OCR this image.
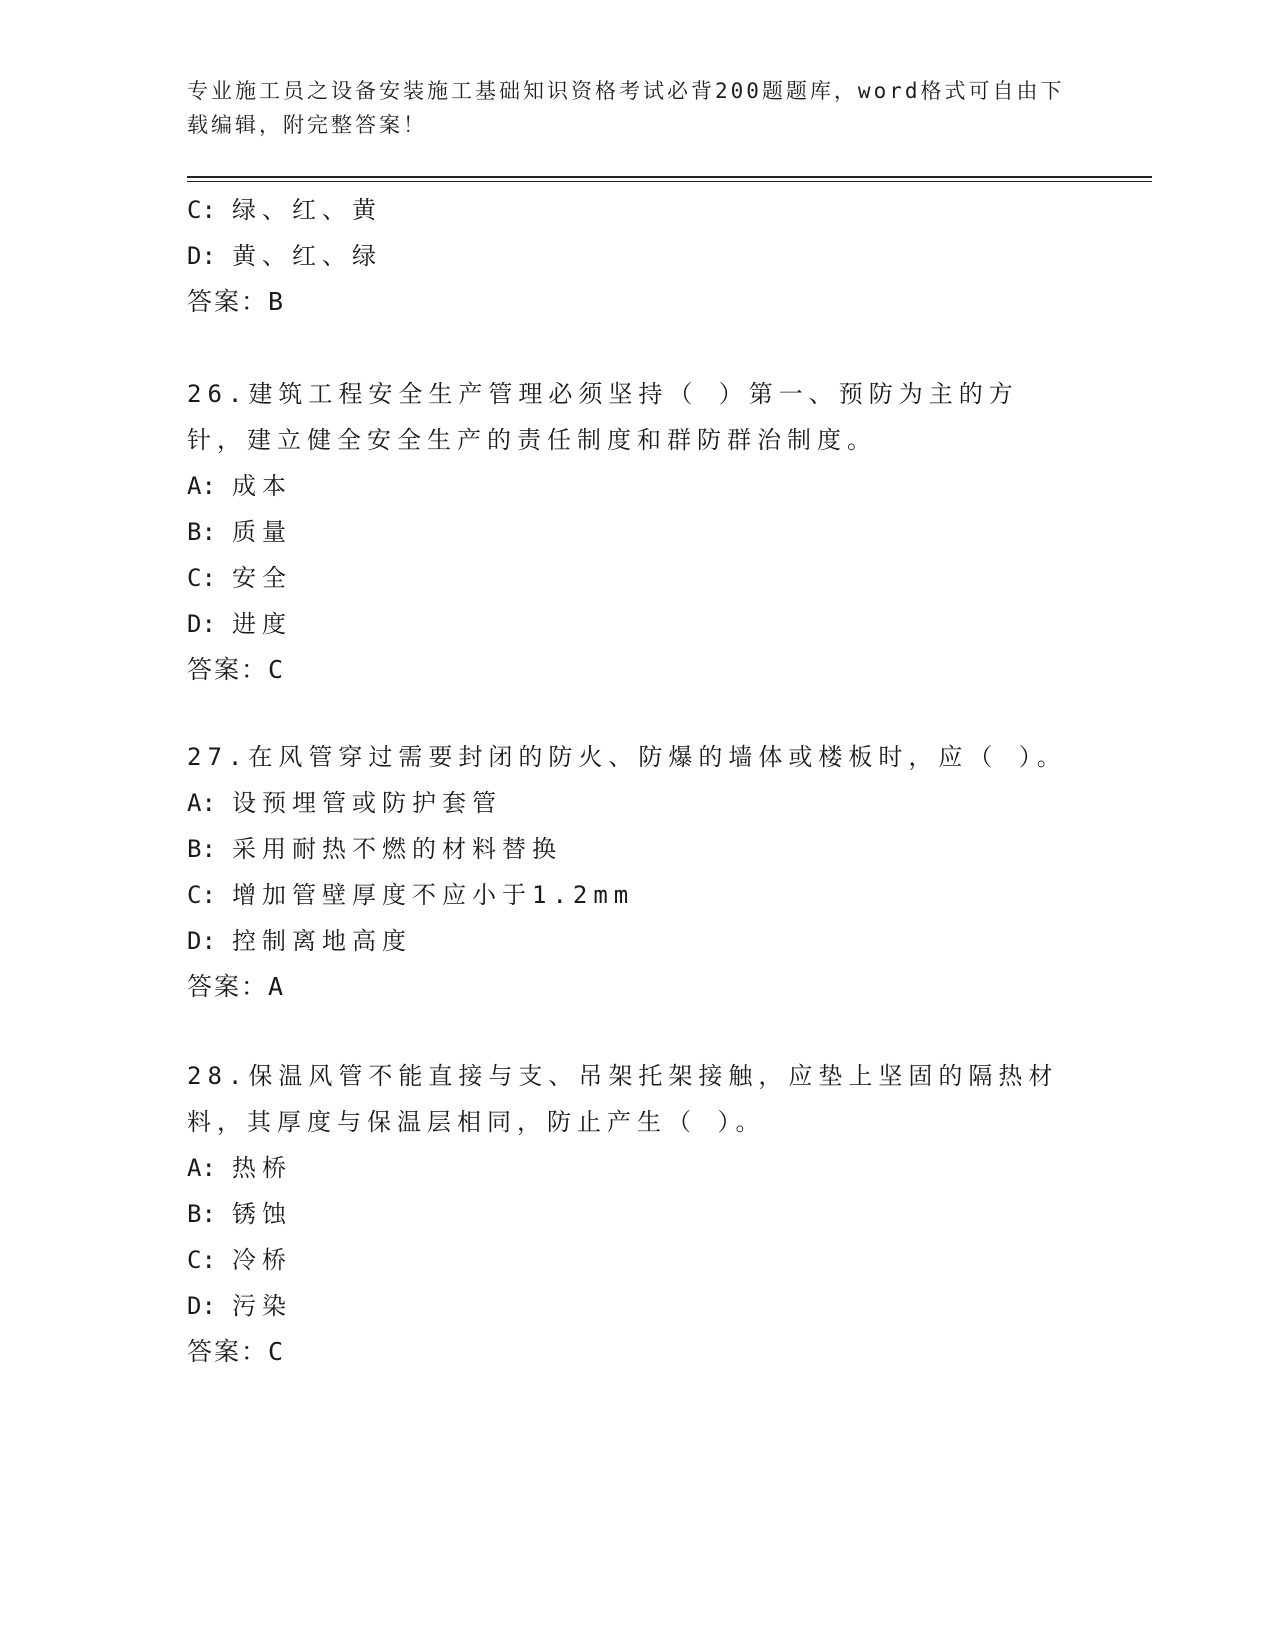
专业施工员之设备安装施工基础知识资格考试必背200题题库，word格式可自由下载编辑，附完整答案！
C: 绿、红、黄
D: 黄、红、绿
答案：B
26.建筑工程安全生产管理必须坚持（ ）第一、预防为主的方针，建立健全安全生产的责任制度和群防群治制度。
A: 成本
B: 质量
C: 安全
D: 进度
答案：C
27.在风管穿过需要封闭的防火、防爆的墙体或楼板时，应（ ）。
A: 设预埋管或防护套管
B: 采用耐热不燃的材料替换
C: 增加管壁厚度不应小于1.2mm
D: 控制离地高度
答案：A
28.保温风管不能直接与支、吊架托架接触，应垫上坚固的隔热材料，其厚度与保温层相同，防止产生（ ）。
A: 热桥
B: 锈蚀
C: 冷桥
D: 污染
答案：C
